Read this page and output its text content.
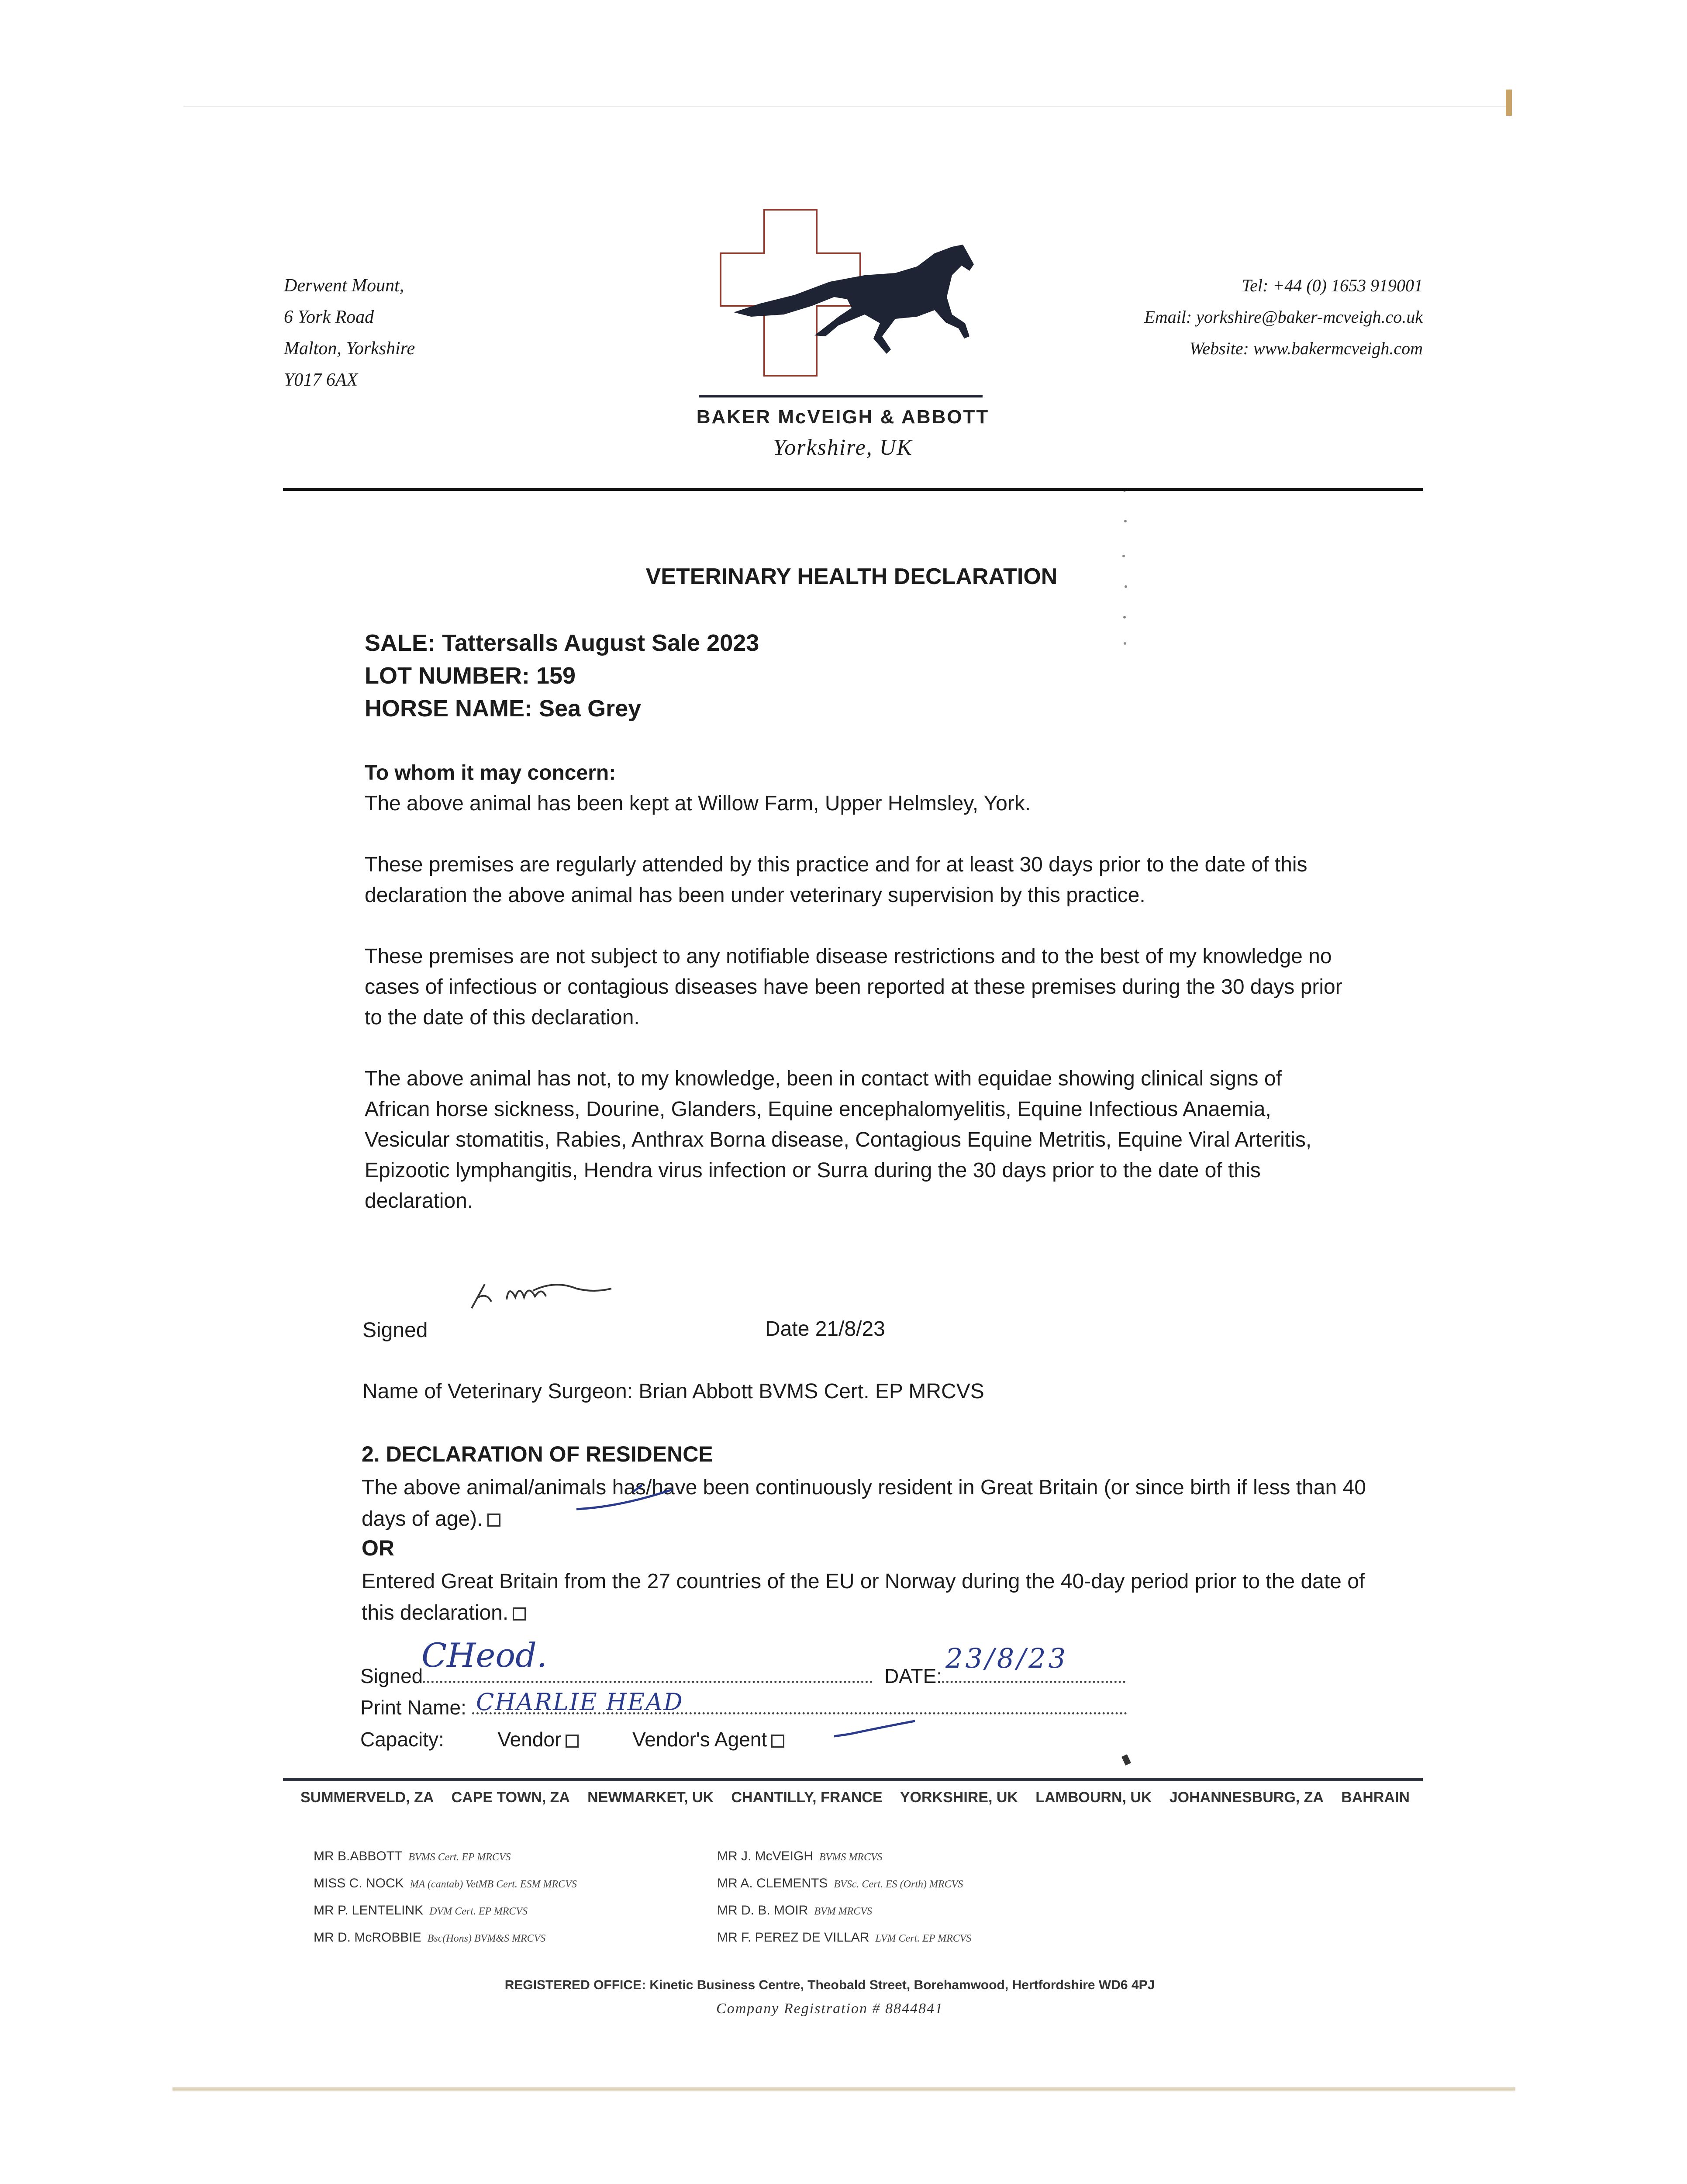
Derwent Mount,
6 York Road
Malton, Yorkshire
Y017 6AX
BAKER McVEIGH & ABBOTT
Yorkshire, UK
Tel: +44 (0) 1653 919001
Email: yorkshire@baker-mcveigh.co.uk
Website: www.bakermcveigh.com
VETERINARY HEALTH DECLARATION
SALE: Tattersalls August Sale 2023
LOT NUMBER: 159
HORSE NAME: Sea Grey
To whom it may concern:
The above animal has been kept at Willow Farm, Upper Helmsley, York.
These premises are regularly attended by this practice and for at least 30 days prior to the date of this declaration the above animal has been under veterinary supervision by this practice.
These premises are not subject to any notifiable disease restrictions and to the best of my knowledge no cases of infectious or contagious diseases have been reported at these premises during the 30 days prior to the date of this declaration.
The above animal has not, to my knowledge, been in contact with equidae showing clinical signs of African horse sickness, Dourine, Glanders, Equine encephalomyelitis, Equine Infectious Anaemia, Vesicular stomatitis, Rabies, Anthrax Borna disease, Contagious Equine Metritis, Equine Viral Arteritis, Epizootic lymphangitis, Hendra virus infection or Surra during the 30 days prior to the date of this declaration.
Signed	Date 21/8/23
Name of Veterinary Surgeon: Brian Abbott BVMS Cert. EP MRCVS
2. DECLARATION OF RESIDENCE
The above animal/animals has/have been continuously resident in Great Britain (or since birth if less than 40 days of age).
OR
Entered Great Britain from the 27 countries of the EU or Norway during the 40-day period prior to the date of this declaration.
Signed	DATE:
CHeod.	23/8/23
Print Name: CHARLIE HEAD
Capacity:	Vendor	Vendor's Agent
SUMMERVELD, ZA CAPE TOWN, ZA NEWMARKET, UK CHANTILLY, FRANCE YORKSHIRE, UK LAMBOURN, UK JOHANNESBURG, ZA BAHRAIN
MR B.ABBOTT BVMS Cert. EP MRCVS
MISS C. NOCK MA (cantab) VetMB Cert. ESM MRCVS
MR P. LENTELINK DVM Cert. EP MRCVS
MR D. McROBBIE Bsc(Hons) BVM&S MRCVS
MR J. McVEIGH BVMS MRCVS
MR A. CLEMENTS BVSc. Cert. ES (Orth) MRCVS
MR D. B. MOIR BVM MRCVS
MR F. PEREZ DE VILLAR LVM Cert. EP MRCVS
REGISTERED OFFICE: Kinetic Business Centre, Theobald Street, Borehamwood, Hertfordshire WD6 4PJ
Company Registration # 8844841
